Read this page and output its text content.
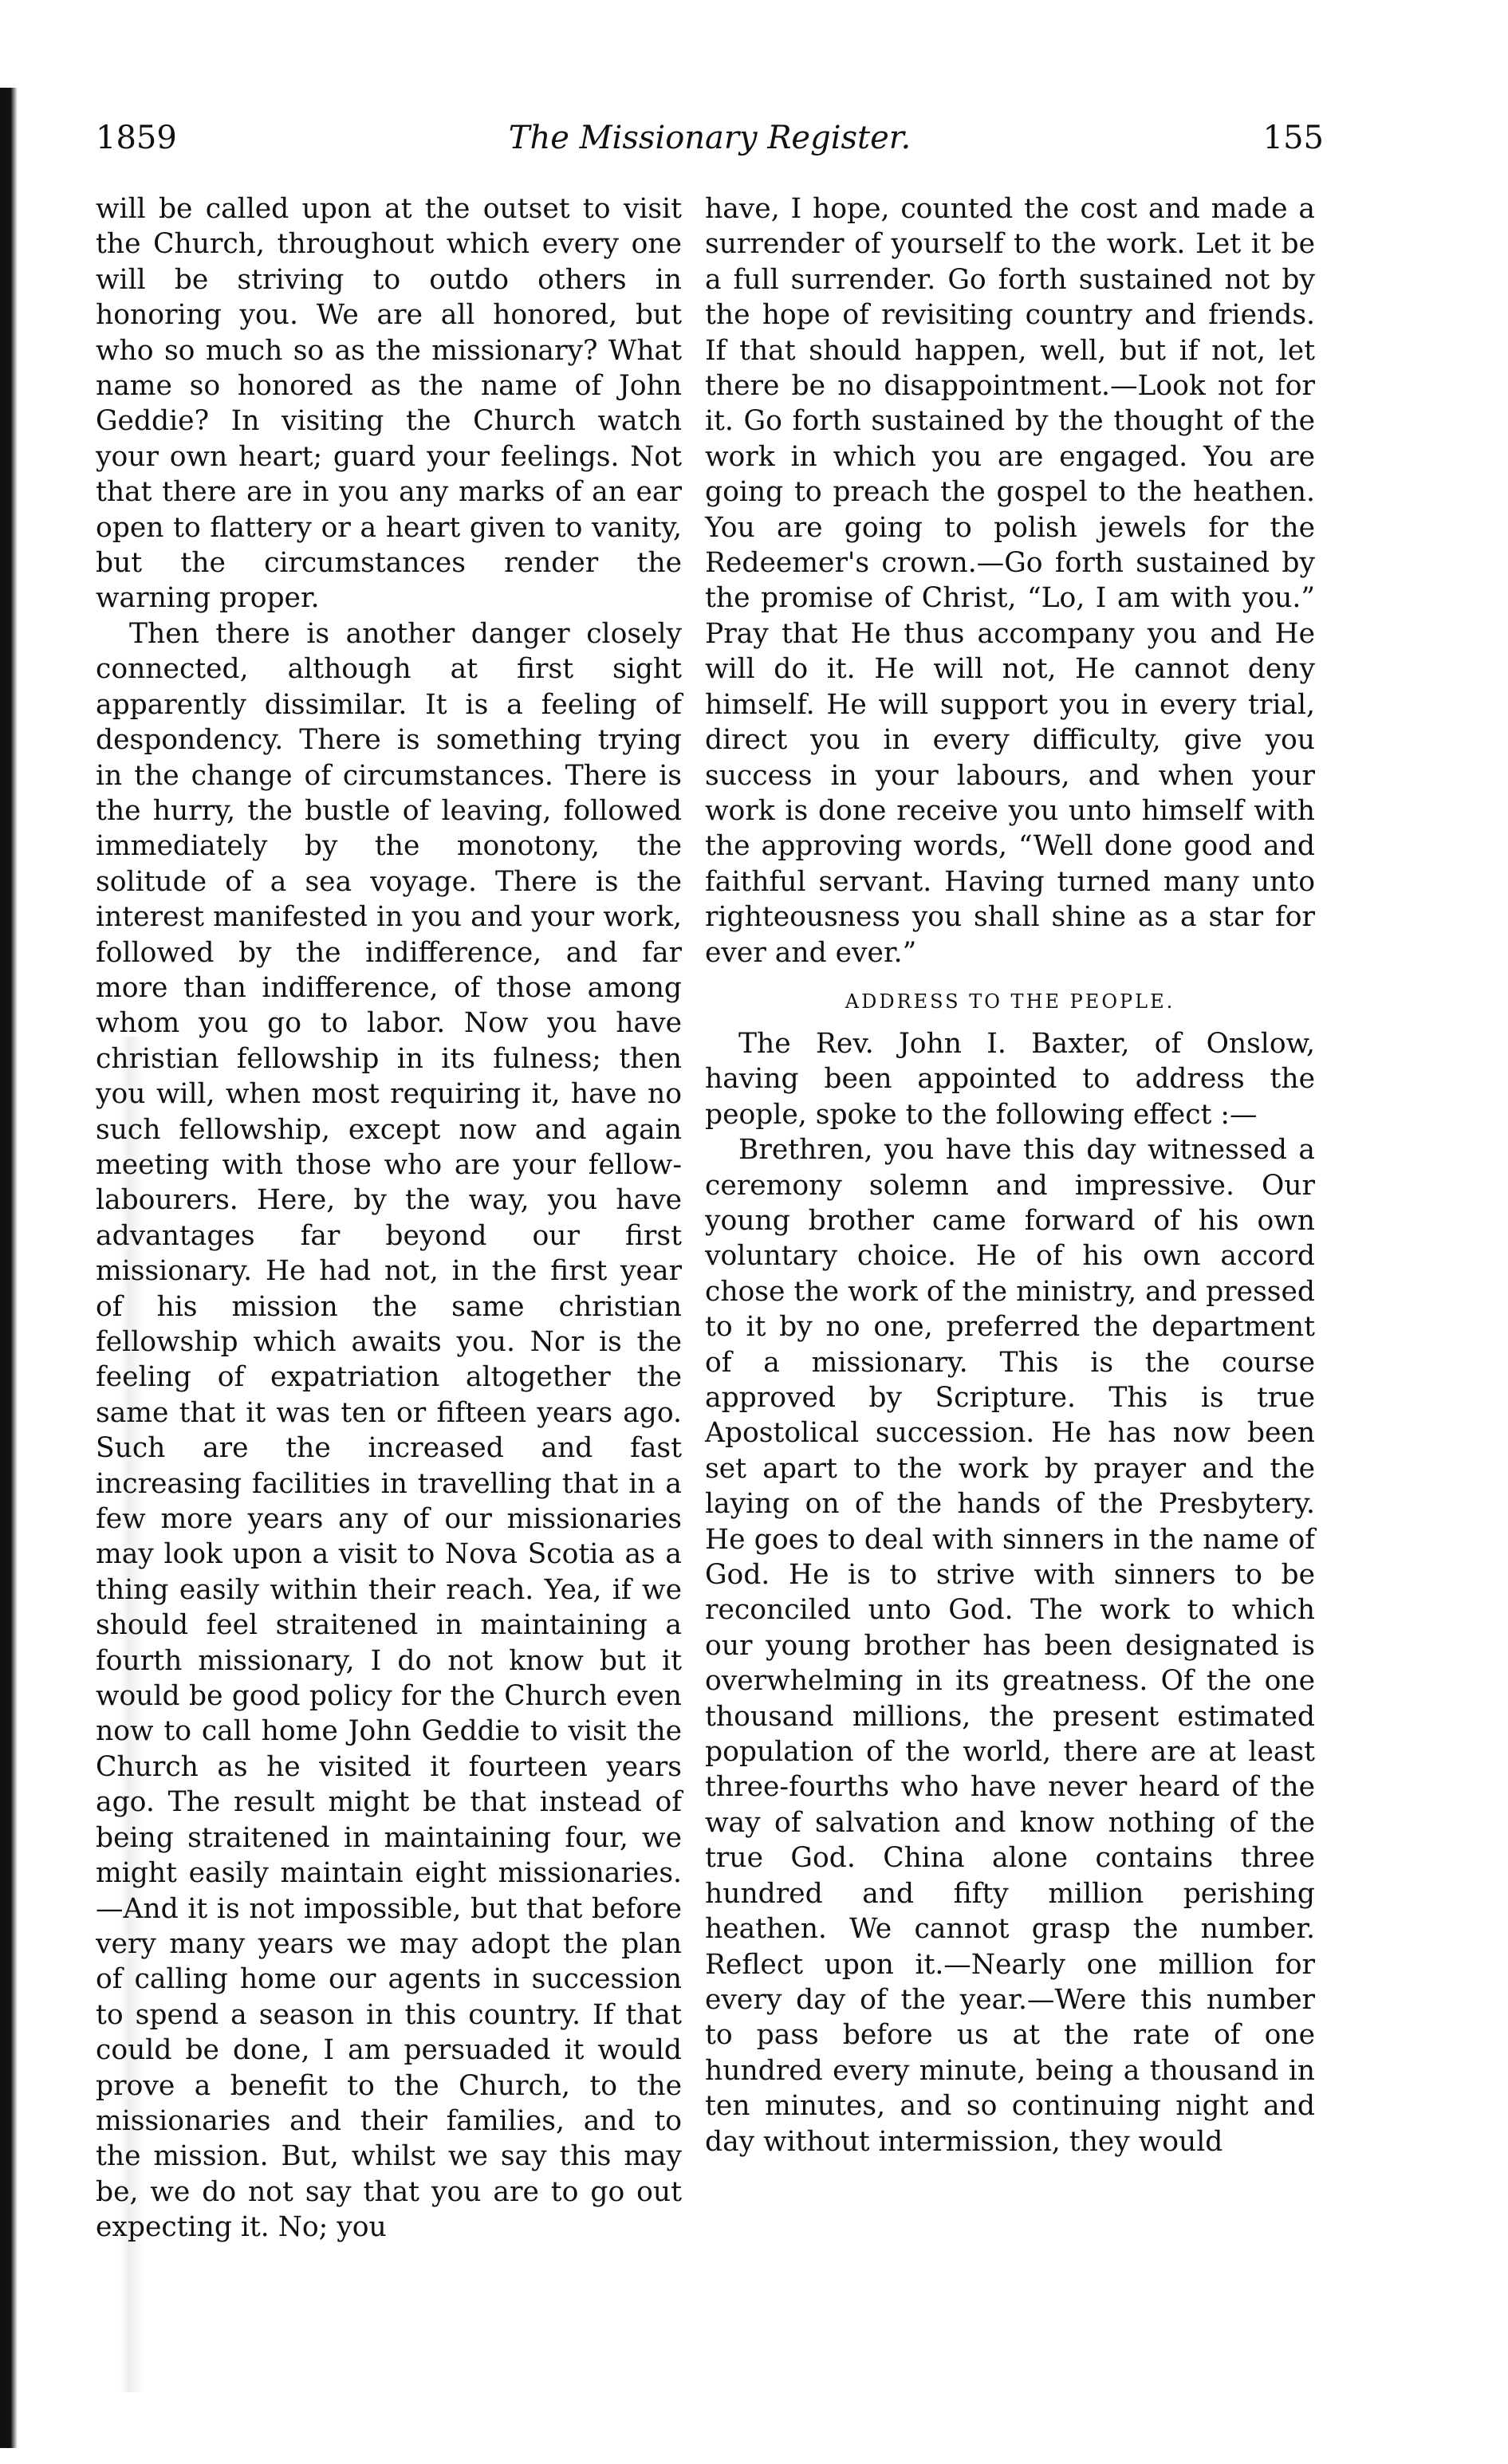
1859	The Missionary Register.	155

will be called upon at the outset to visit the Church, throughout which every one will be striving to outdo others in honoring you. We are all honored, but who so much so as the missionary? What name so honored as the name of John Geddie? In visiting the Church watch your own heart; guard your feelings. Not that there are in you any marks of an ear open to flattery or a heart given to vanity, but the circumstances render the warning proper.

Then there is another danger closely connected, although at first sight apparently dissimilar. It is a feeling of despondency. There is something trying in the change of circumstances. There is the hurry, the bustle of leaving, followed immediately by the monotony, the solitude of a sea voyage. There is the interest manifested in you and your work, followed by the indifference, and far more than indifference, of those among whom you go to labor. Now you have christian fellowship in its fulness; then you will, when most requiring it, have no such fellowship, except now and again meeting with those who are your fellow-labourers. Here, by the way, you have advantages far beyond our first missionary. He had not, in the first year of his mission the same christian fellowship which awaits you. Nor is the feeling of expatriation altogether the same that it was ten or fifteen years ago. Such are the increased and fast increasing facilities in travelling that in a few more years any of our missionaries may look upon a visit to Nova Scotia as a thing easily within their reach. Yea, if we should feel straitened in maintaining a fourth missionary, I do not know but it would be good policy for the Church even now to call home John Geddie to visit the Church as he visited it fourteen years ago. The result might be that instead of being straitened in maintaining four, we might easily maintain eight missionaries.—And it is not impossible, but that before very many years we may adopt the plan of calling home our agents in succession to spend a season in this country. If that could be done, I am persuaded it would prove a benefit to the Church, to the missionaries and their families, and to the mission. But, whilst we say this may be, we do not say that you are to go out expecting it. No; you

have, I hope, counted the cost and made a surrender of yourself to the work. Let it be a full surrender. Go forth sustained not by the hope of revisiting country and friends. If that should happen, well, but if not, let there be no disappointment.—Look not for it. Go forth sustained by the thought of the work in which you are engaged. You are going to preach the gospel to the heathen. You are going to polish jewels for the Redeemer's crown.—Go forth sustained by the promise of Christ, “Lo, I am with you.” Pray that He thus accompany you and He will do it. He will not, He cannot deny himself. He will support you in every trial, direct you in every difficulty, give you success in your labours, and when your work is done receive you unto himself with the approving words, “Well done good and faithful servant. Having turned many unto righteousness you shall shine as a star for ever and ever.”

ADDRESS TO THE PEOPLE.

The Rev. John I. Baxter, of Onslow, having been appointed to address the people, spoke to the following effect :—

Brethren, you have this day witnessed a ceremony solemn and impressive. Our young brother came forward of his own voluntary choice. He of his own accord chose the work of the ministry, and pressed to it by no one, preferred the department of a missionary. This is the course approved by Scripture. This is true Apostolical succession. He has now been set apart to the work by prayer and the laying on of the hands of the Presbytery. He goes to deal with sinners in the name of God. He is to strive with sinners to be reconciled unto God. The work to which our young brother has been designated is overwhelming in its greatness. Of the one thousand millions, the present estimated population of the world, there are at least three-fourths who have never heard of the way of salvation and know nothing of the true God. China alone contains three hundred and fifty million perishing heathen. We cannot grasp the number. Reflect upon it.—Nearly one million for every day of the year.—Were this number to pass before us at the rate of one hundred every minute, being a thousand in ten minutes, and so continuing night and day without intermission, they would
